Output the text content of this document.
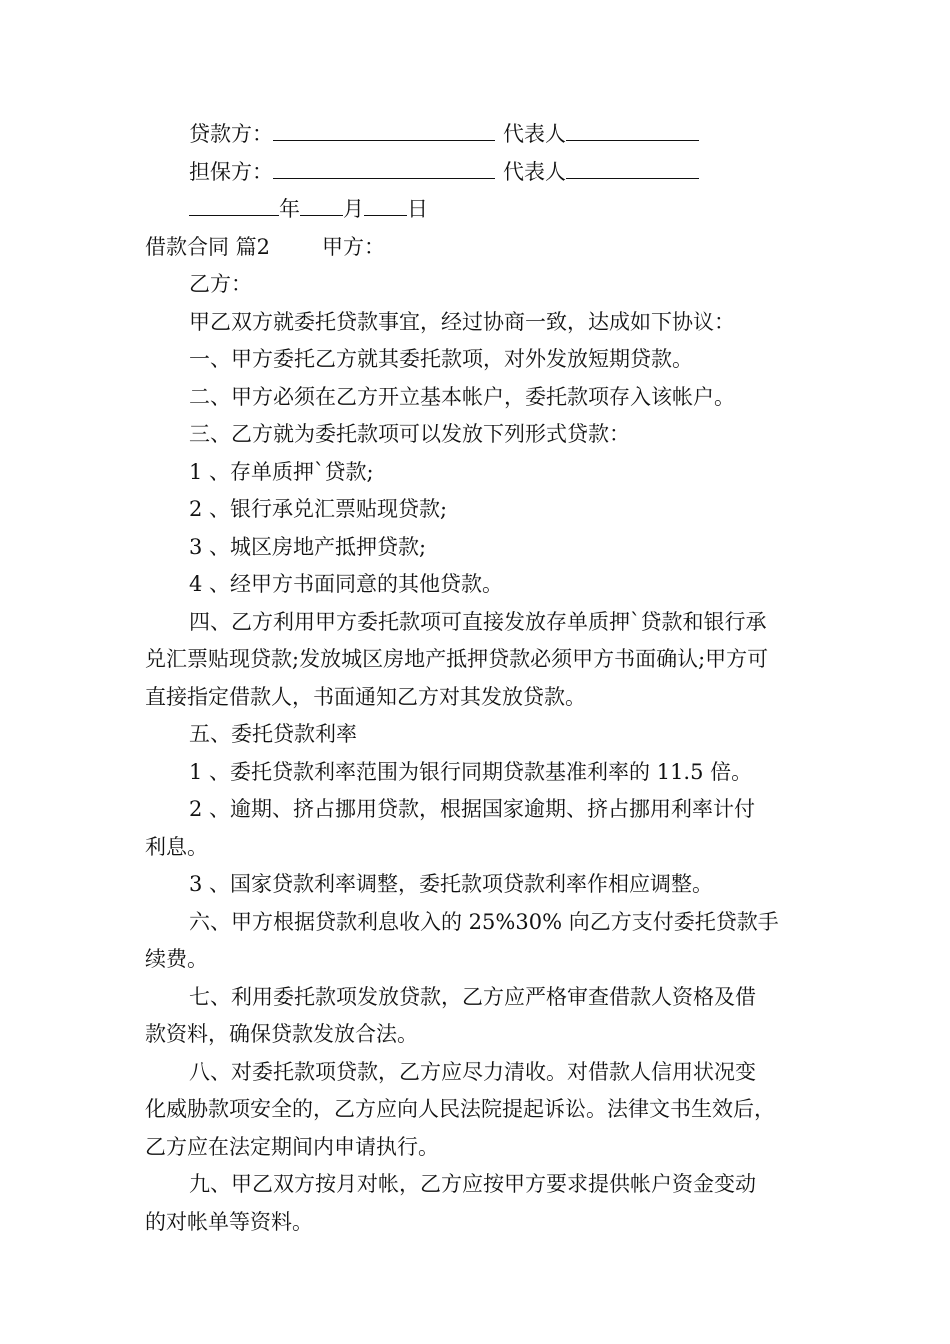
贷款方：	代表人
担保方：	代表人
年 月 日
借款合同 篇2 甲方：
乙方：
甲乙双方就委托贷款事宜，经过协商一致，达成如下协议：
一、甲方委托乙方就其委托款项，对外发放短期贷款。
二、甲方必须在乙方开立基本帐户，委托款项存入该帐户。
三、乙方就为委托款项可以发放下列形式贷款：
1 、存单质押`贷款;
2 、银行承兑汇票贴现贷款;
3 、城区房地产抵押贷款;
4 、经甲方书面同意的其他贷款。
四、乙方利用甲方委托款项可直接发放存单质押`贷款和银行承
兑汇票贴现贷款;发放城区房地产抵押贷款必须甲方书面确认;甲方可
直接指定借款人，书面通知乙方对其发放贷款。
五、委托贷款利率
1 、委托贷款利率范围为银行同期贷款基准利率的 11.5 倍。
2 、逾期、挤占挪用贷款，根据国家逾期、挤占挪用利率计付
利息。
3 、国家贷款利率调整，委托款项贷款利率作相应调整。
六、甲方根据贷款利息收入的 25%30% 向乙方支付委托贷款手
续费。
七、利用委托款项发放贷款，乙方应严格审查借款人资格及借
款资料，确保贷款发放合法。
八、对委托款项贷款，乙方应尽力清收。对借款人信用状况变
化威胁款项安全的，乙方应向人民法院提起诉讼。法律文书生效后，
乙方应在法定期间内申请执行。
九、甲乙双方按月对帐，乙方应按甲方要求提供帐户资金变动
的对帐单等资料。
